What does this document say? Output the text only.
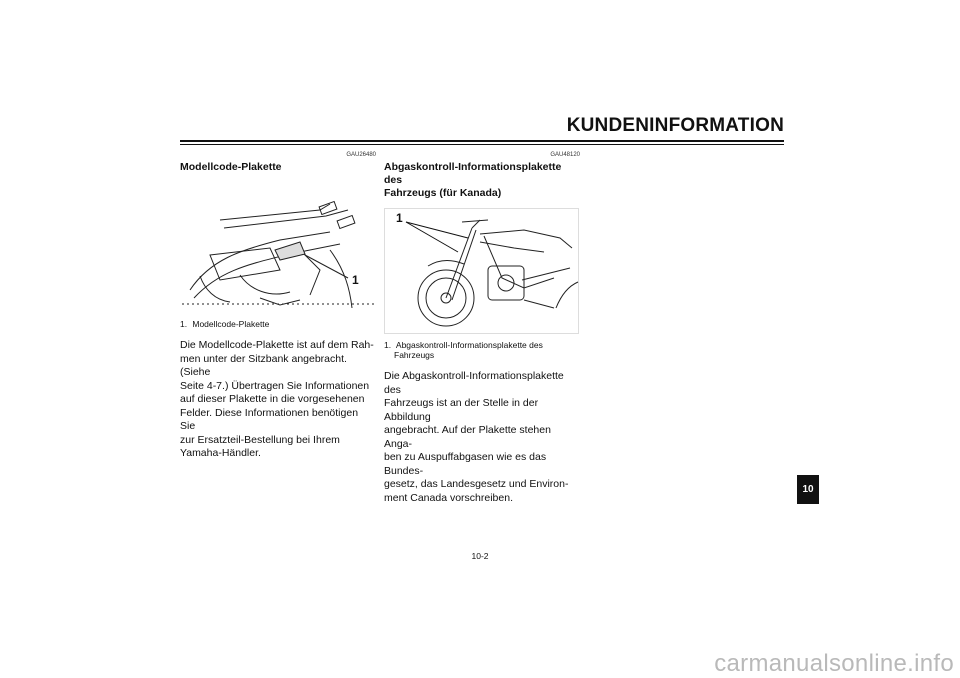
KUNDENINFORMATION
GAU26480
Modellcode-Plakette
1
1. Modellcode-Plakette
Die Modellcode-Plakette ist auf dem Rah-
men unter der Sitzbank angebracht. (Siehe
Seite 4-7.) Übertragen Sie Informationen
auf dieser Plakette in die vorgesehenen
Felder. Diese Informationen benötigen Sie
zur Ersatzteil-Bestellung bei Ihrem
Yamaha-Händler.
GAU48120
Abgaskontroll-Informationsplakette des
Fahrzeugs (für Kanada)
1
1. Abgaskontroll-Informationsplakette des
Fahrzeugs
Die Abgaskontroll-Informationsplakette des
Fahrzeugs ist an der Stelle in der Abbildung
angebracht. Auf der Plakette stehen Anga-
ben zu Auspuffabgasen wie es das Bundes-
gesetz, das Landesgesetz und Environ-
ment Canada vorschreiben.
10
10-2
carmanualsonline.info
